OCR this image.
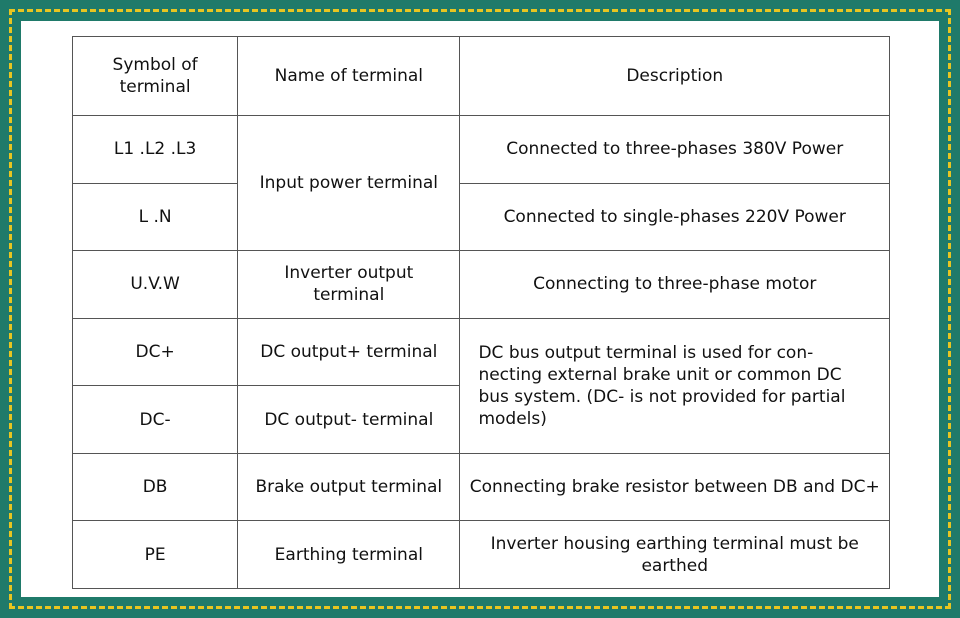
Symbol of terminal	Name of terminal	Description
L1 .L2 .L3	Input power terminal	Connected to three-phases 380V Power
L .N		Connected to single-phases 220V Power
U.V.W	Inverter output terminal	Connecting to three-phase motor
DC+	DC output+ terminal	DC bus output terminal is used for con-necting external brake unit or common DC bus system. (DC- is not provided for partial models)
DC-	DC output- terminal	
DB	Brake output terminal	Connecting brake resistor between DB and DC+
PE	Earthing terminal	Inverter housing earthing terminal must be earthed
